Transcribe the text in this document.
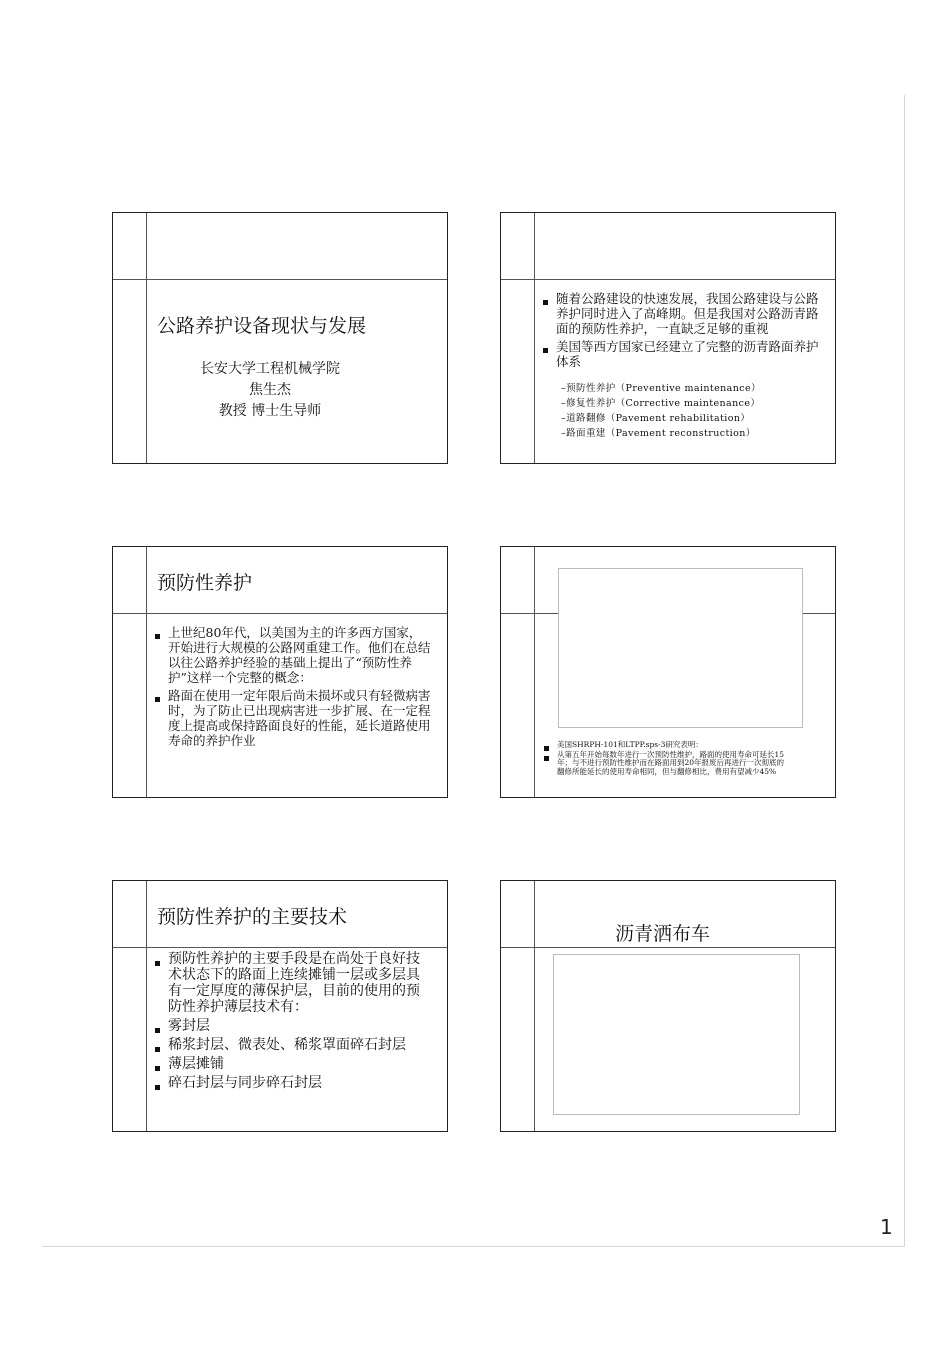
公路养护设备现状与发展
长安大学工程机械学院
焦生杰
教授 博士生导师
随着公路建设的快速发展，我国公路建设与公路养护同时进入了高峰期。但是我国对公路沥青路面的预防性养护，一直缺乏足够的重视
美国等西方国家已经建立了完整的沥青路面养护体系
–预防性养护（Preventive maintenance）
–修复性养护（Corrective maintenance）
–道路翻修（Pavement rehabilitation）
–路面重建（Pavement reconstruction）
预防性养护
上世纪80年代，以美国为主的许多西方国家，开始进行大规模的公路网重建工作。他们在总结以往公路养护经验的基础上提出了“预防性养护”这样一个完整的概念：
路面在使用一定年限后尚未损坏或只有轻微病害时，为了防止已出现病害进一步扩展、在一定程度上提高或保持路面良好的性能，延长道路使用寿命的养护作业	美国SHRPH-101和LTPP.sps-3研究表明：
从第五年开始每数年进行一次预防性维护，路面的使用寿命可延长15年；与不进行预防性维护而在路面用到20年报废后再进行一次彻底的翻修所能延长的使用寿命相同，但与翻修相比，费用有望减少45%
预防性养护的主要技术
预防性养护的主要手段是在尚处于良好技术状态下的路面上连续摊铺一层或多层具有一定厚度的薄保护层，目前的使用的预防性养护薄层技术有：
雾封层
稀浆封层、微表处、稀浆罩面碎石封层
薄层摊铺
碎石封层与同步碎石封层
沥青洒布车
1
